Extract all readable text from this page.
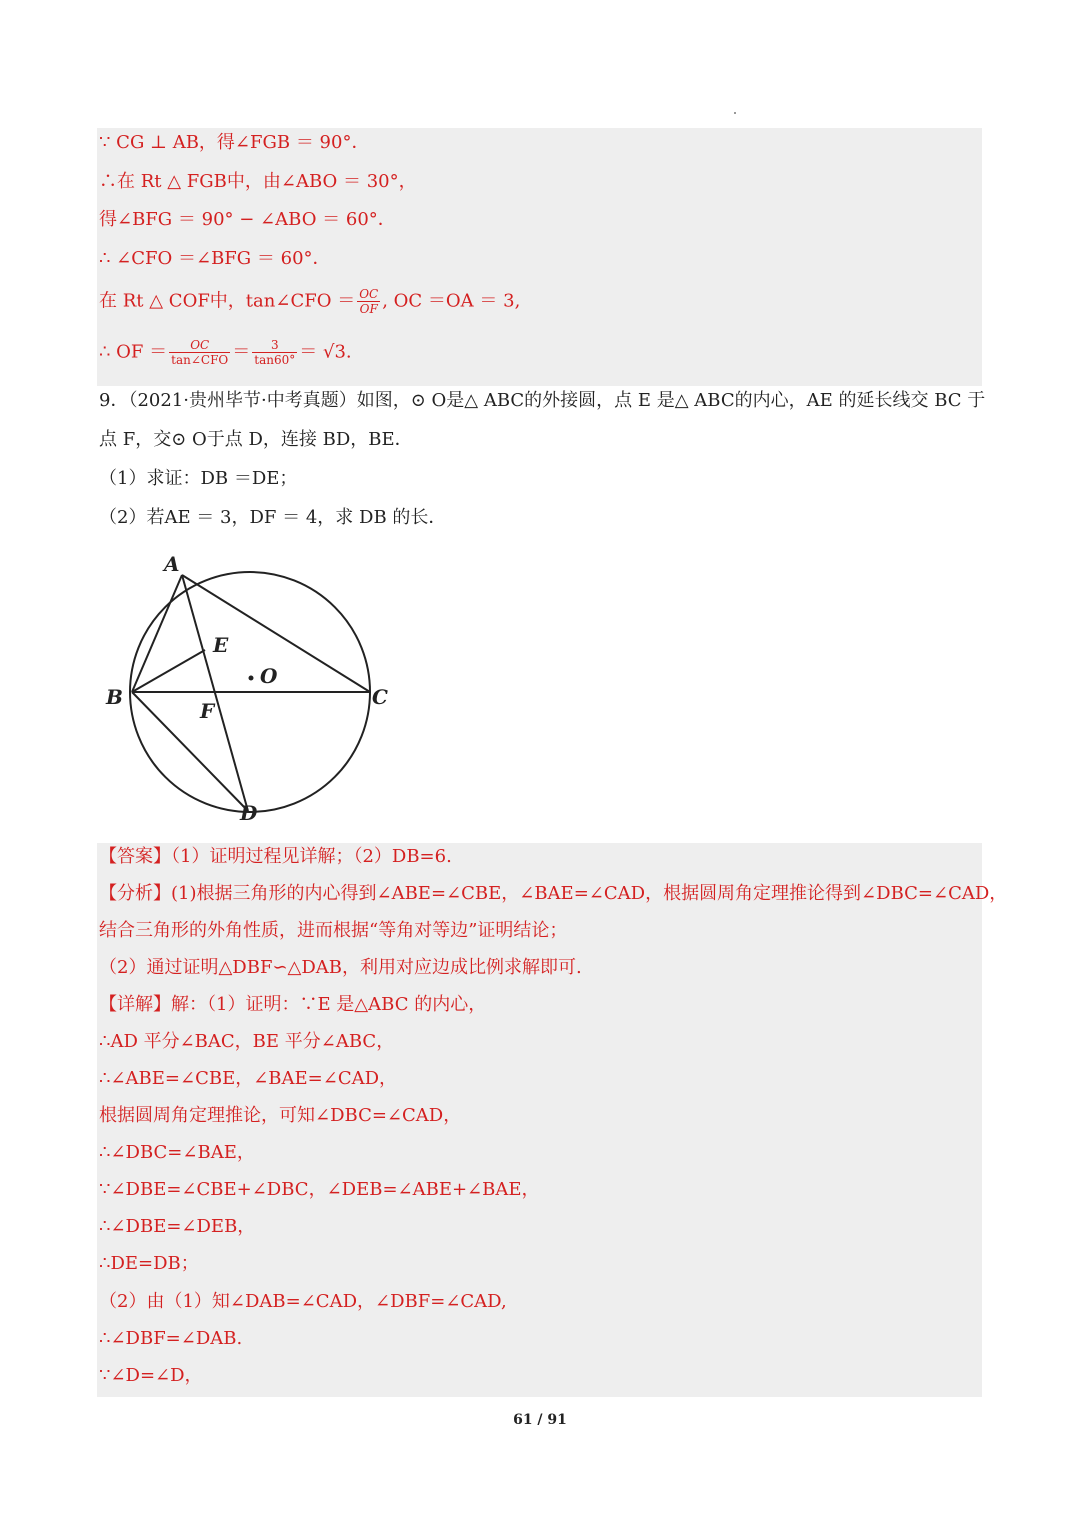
∵ CG ⊥ AB，得∠FGB ＝ 90°．
∴在 Rt △ FGB中，由∠ABO ＝ 30°，
得∠BFG ＝ 90° − ∠ABO ＝ 60°．
∴ ∠CFO ＝∠BFG ＝ 60°．
在 Rt △ COF中，tan∠CFO ＝ $\frac{OC}{OF}$ , OC ＝OA ＝ 3,
∴ OF ＝ $\frac{OC}{\text{tan∠CFO}} = \frac{3}{\tan 60^\circ} = √3$.
9．（2021·贵州毕节·中考真题）如图，⊙ O是△ ABC的外接圆，点 E 是△ ABC的内心，AE 的延长线交 BC 于
点 F，交⊙ O于点 D，连接 BD，BE．
（1）求证：DB ＝DE；
（2）若AE ＝ 3，DF ＝ 4，求 DB 的长．
A
B	C
D
E
F
O
【答案】（1）证明过程见详解；（2）DB=6.
【分析】(1)根据三角形的内心得到∠ABE=∠CBE，∠BAE=∠CAD，根据圆周角定理推论得到∠DBC=∠CAD，
结合三角形的外角性质，进而根据“等角对等边”证明结论；
（2）通过证明△DBF∽△DAB，利用对应边成比例求解即可.
【详解】解：（1）证明：∵E 是△ABC 的内心，
∴AD 平分∠BAC，BE 平分∠ABC，
∴∠ABE=∠CBE，∠BAE=∠CAD，
根据圆周角定理推论，可知∠DBC=∠CAD，
∴∠DBC=∠BAE，
∵∠DBE=∠CBE+∠DBC，∠DEB=∠ABE+∠BAE，
∴∠DBE=∠DEB，
∴DE=DB；
（2）由（1）知∠DAB=∠CAD，∠DBF=∠CAD,
∴∠DBF=∠DAB.
∵∠D=∠D，
61 / 91
